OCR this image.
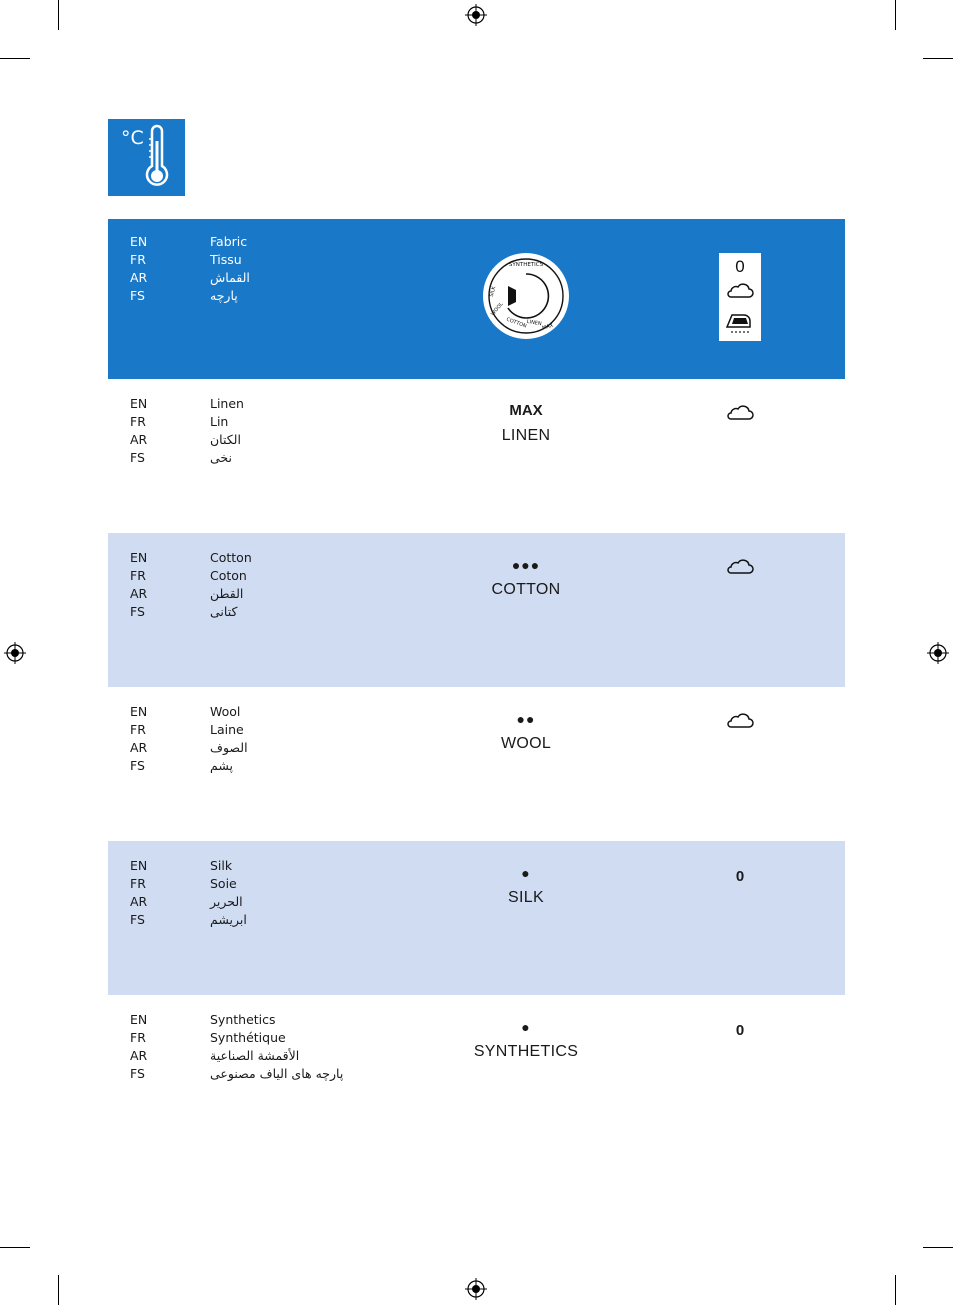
°C
EN
FR
AR
FS
Fabric
Tissu
القماش
پارچه
SYNTHETICS
SILK
WOOL
COTTON LINEN MAX
0
EN
FR
AR
FS
Linen
Lin
الكتان
نخی
MAX
LINEN
EN
FR
AR
FS
Cotton
Coton
القطن
کتانی
●●●
COTTON
EN
FR
AR
FS
Wool
Laine
الصوف
پشم
●●
WOOL
EN
FR
AR
FS
Silk
Soie
الحرير
ابریشم
●
SILK
0
EN
FR
AR
FS
Synthetics
Synthétique
الأقمشة الصناعية
پارچه های الیاف مصنوعی
●
SYNTHETICS
0
